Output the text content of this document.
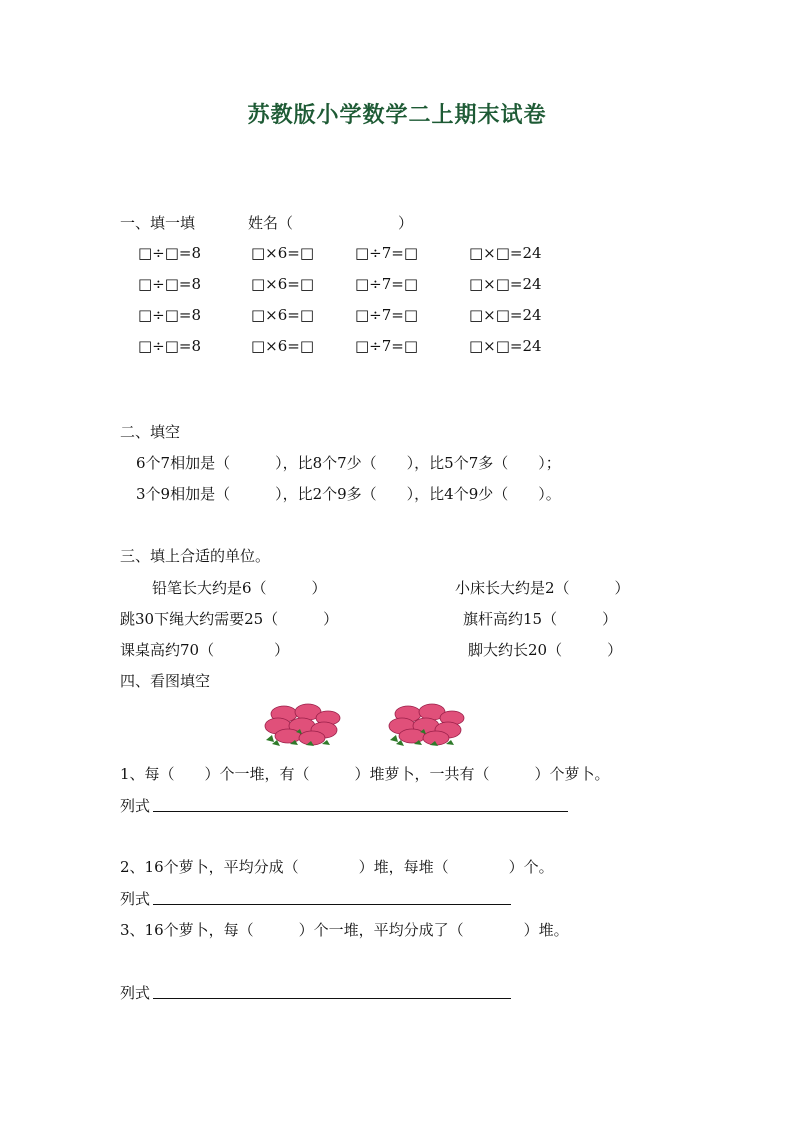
苏教版小学数学二上期末试卷
一、填一填	姓名（　　　　　　　）
□÷□=8	□×6=□	□÷7=□	□×□=24
□÷□=8	□×6=□	□÷7=□	□×□=24
□÷□=8	□×6=□	□÷7=□	□×□=24
□÷□=8	□×6=□	□÷7=□	□×□=24
二、填空
6个7相加是（　　　），比8个7少（　　），比5个7多（　　）；
3个9相加是（　　　），比2个9多（　　），比4个9少（　　）。
三、填上合适的单位。
铅笔长大约是6（　　　）	小床长大约是2（　　　）
跳30下绳大约需要25（　　　）	旗杆高约15（　　　）
课桌高约70（　　　　）	脚大约长20（　　　）
四、看图填空
1、每（　　）个一堆，有（　　　）堆萝卜，一共有（　　　）个萝卜。
列式
2、16个萝卜，平均分成（　　　　）堆，每堆（　　　　）个。
列式
3、16个萝卜，每（　　　）个一堆，平均分成了（　　　　）堆。
列式
